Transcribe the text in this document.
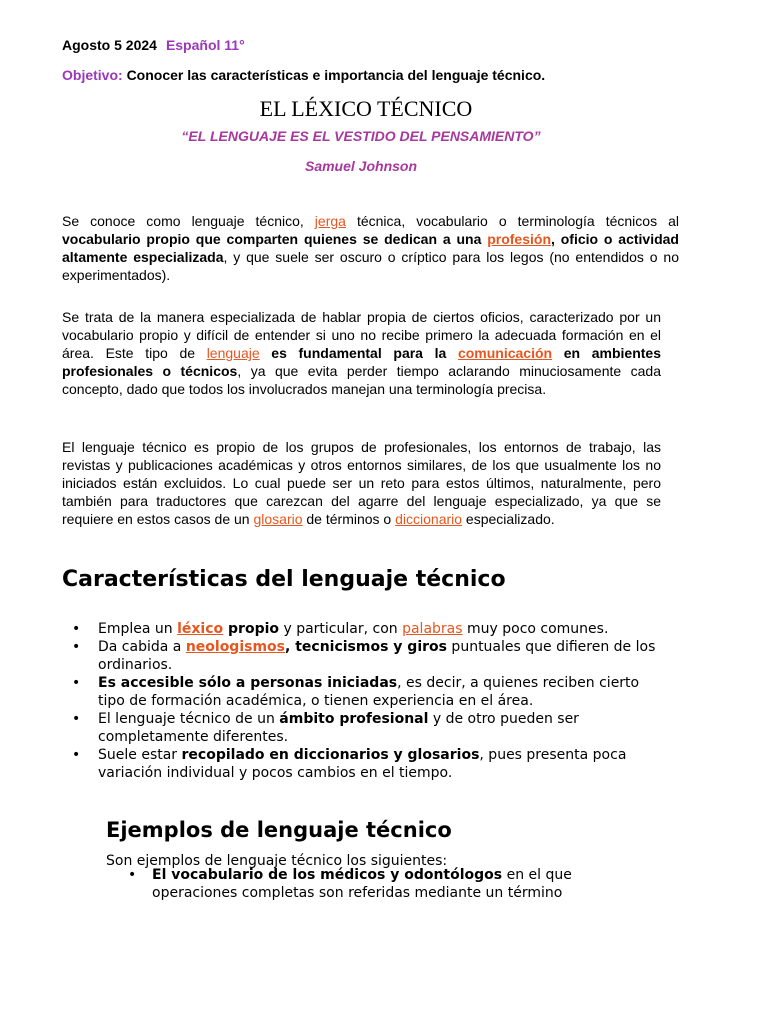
Agosto 5 2024 Español 11°
Objetivo: Conocer las características e importancia del lenguaje técnico.
EL LÉXICO TÉCNICO
“EL LENGUAJE ES EL VESTIDO DEL PENSAMIENTO”
Samuel Johnson
Se conoce como lenguaje técnico, jerga técnica, vocabulario o terminología técnicos al vocabulario propio que comparten quienes se dedican a una profesión, oficio o actividad altamente especializada, y que suele ser oscuro o críptico para los legos (no entendidos o no experimentados).
Se trata de la manera especializada de hablar propia de ciertos oficios, caracterizado por un vocabulario propio y difícil de entender si uno no recibe primero la adecuada formación en el área. Este tipo de lenguaje es fundamental para la comunicación en ambientes profesionales o técnicos, ya que evita perder tiempo aclarando minuciosamente cada concepto, dado que todos los involucrados manejan una terminología precisa.
El lenguaje técnico es propio de los grupos de profesionales, los entornos de trabajo, las revistas y publicaciones académicas y otros entornos similares, de los que usualmente los no iniciados están excluidos. Lo cual puede ser un reto para estos últimos, naturalmente, pero también para traductores que carezcan del agarre del lenguaje especializado, ya que se requiere en estos casos de un glosario de términos o diccionario especializado.
Características del lenguaje técnico
• Emplea un léxico propio y particular, con palabras muy poco comunes.
• Da cabida a neologismos, tecnicismos y giros puntuales que difieren de los ordinarios.
• Es accesible sólo a personas iniciadas, es decir, a quienes reciben cierto tipo de formación académica, o tienen experiencia en el área.
• El lenguaje técnico de un ámbito profesional y de otro pueden ser completamente diferentes.
• Suele estar recopilado en diccionarios y glosarios, pues presenta poca variación individual y pocos cambios en el tiempo.
Ejemplos de lenguaje técnico
Son ejemplos de lenguaje técnico los siguientes:
• El vocabulario de los médicos y odontólogos en el que operaciones completas son referidas mediante un término
